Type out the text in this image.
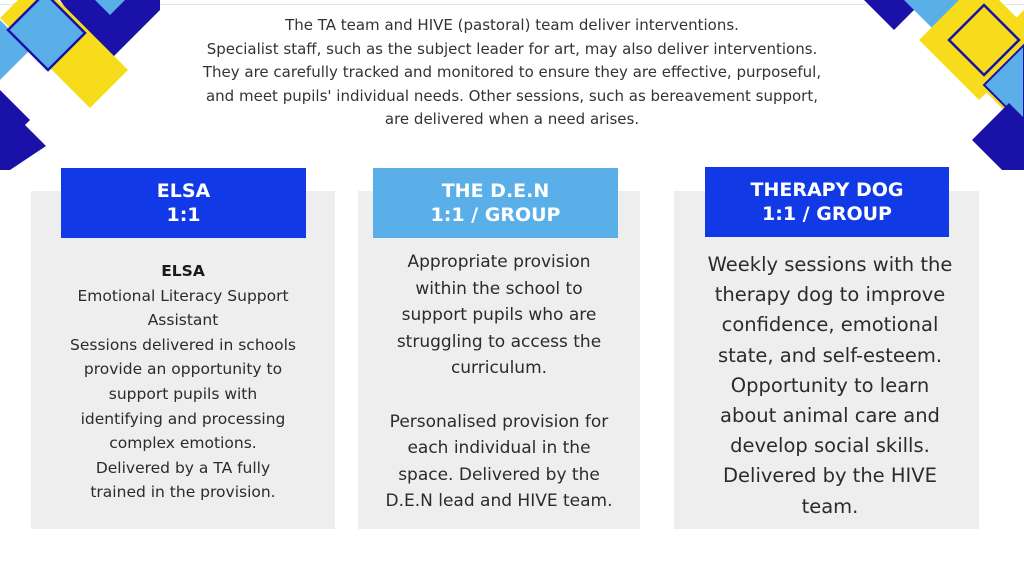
The TA team and HIVE (pastoral) team deliver interventions.

Specialist staff, such as the subject leader for art, may also deliver interventions.

They are carefully tracked and monitored to ensure they are effective, purposeful,

and meet pupils' individual needs. Other sessions, such as bereavement support,

are delivered when a need arises.

ELSA
1:1
THE D.E.N
1:1 / GROUP
THERAPY DOG
1:1 / GROUP
ELSA
Emotional Literacy Support
Assistant
Sessions delivered in schools
provide an opportunity to
support pupils with
identifying and processing
complex emotions.
Delivered by a TA fully
trained in the provision.
Appropriate provision
within the school to
support pupils who are
struggling to access the
curriculum.
Personalised provision for
each individual in the
space. Delivered by the
D.E.N lead and HIVE team.
Weekly sessions with the
therapy dog to improve
confidence, emotional
state, and self-esteem.
Opportunity to learn
about animal care and
develop social skills.
Delivered by the HIVE
team.
